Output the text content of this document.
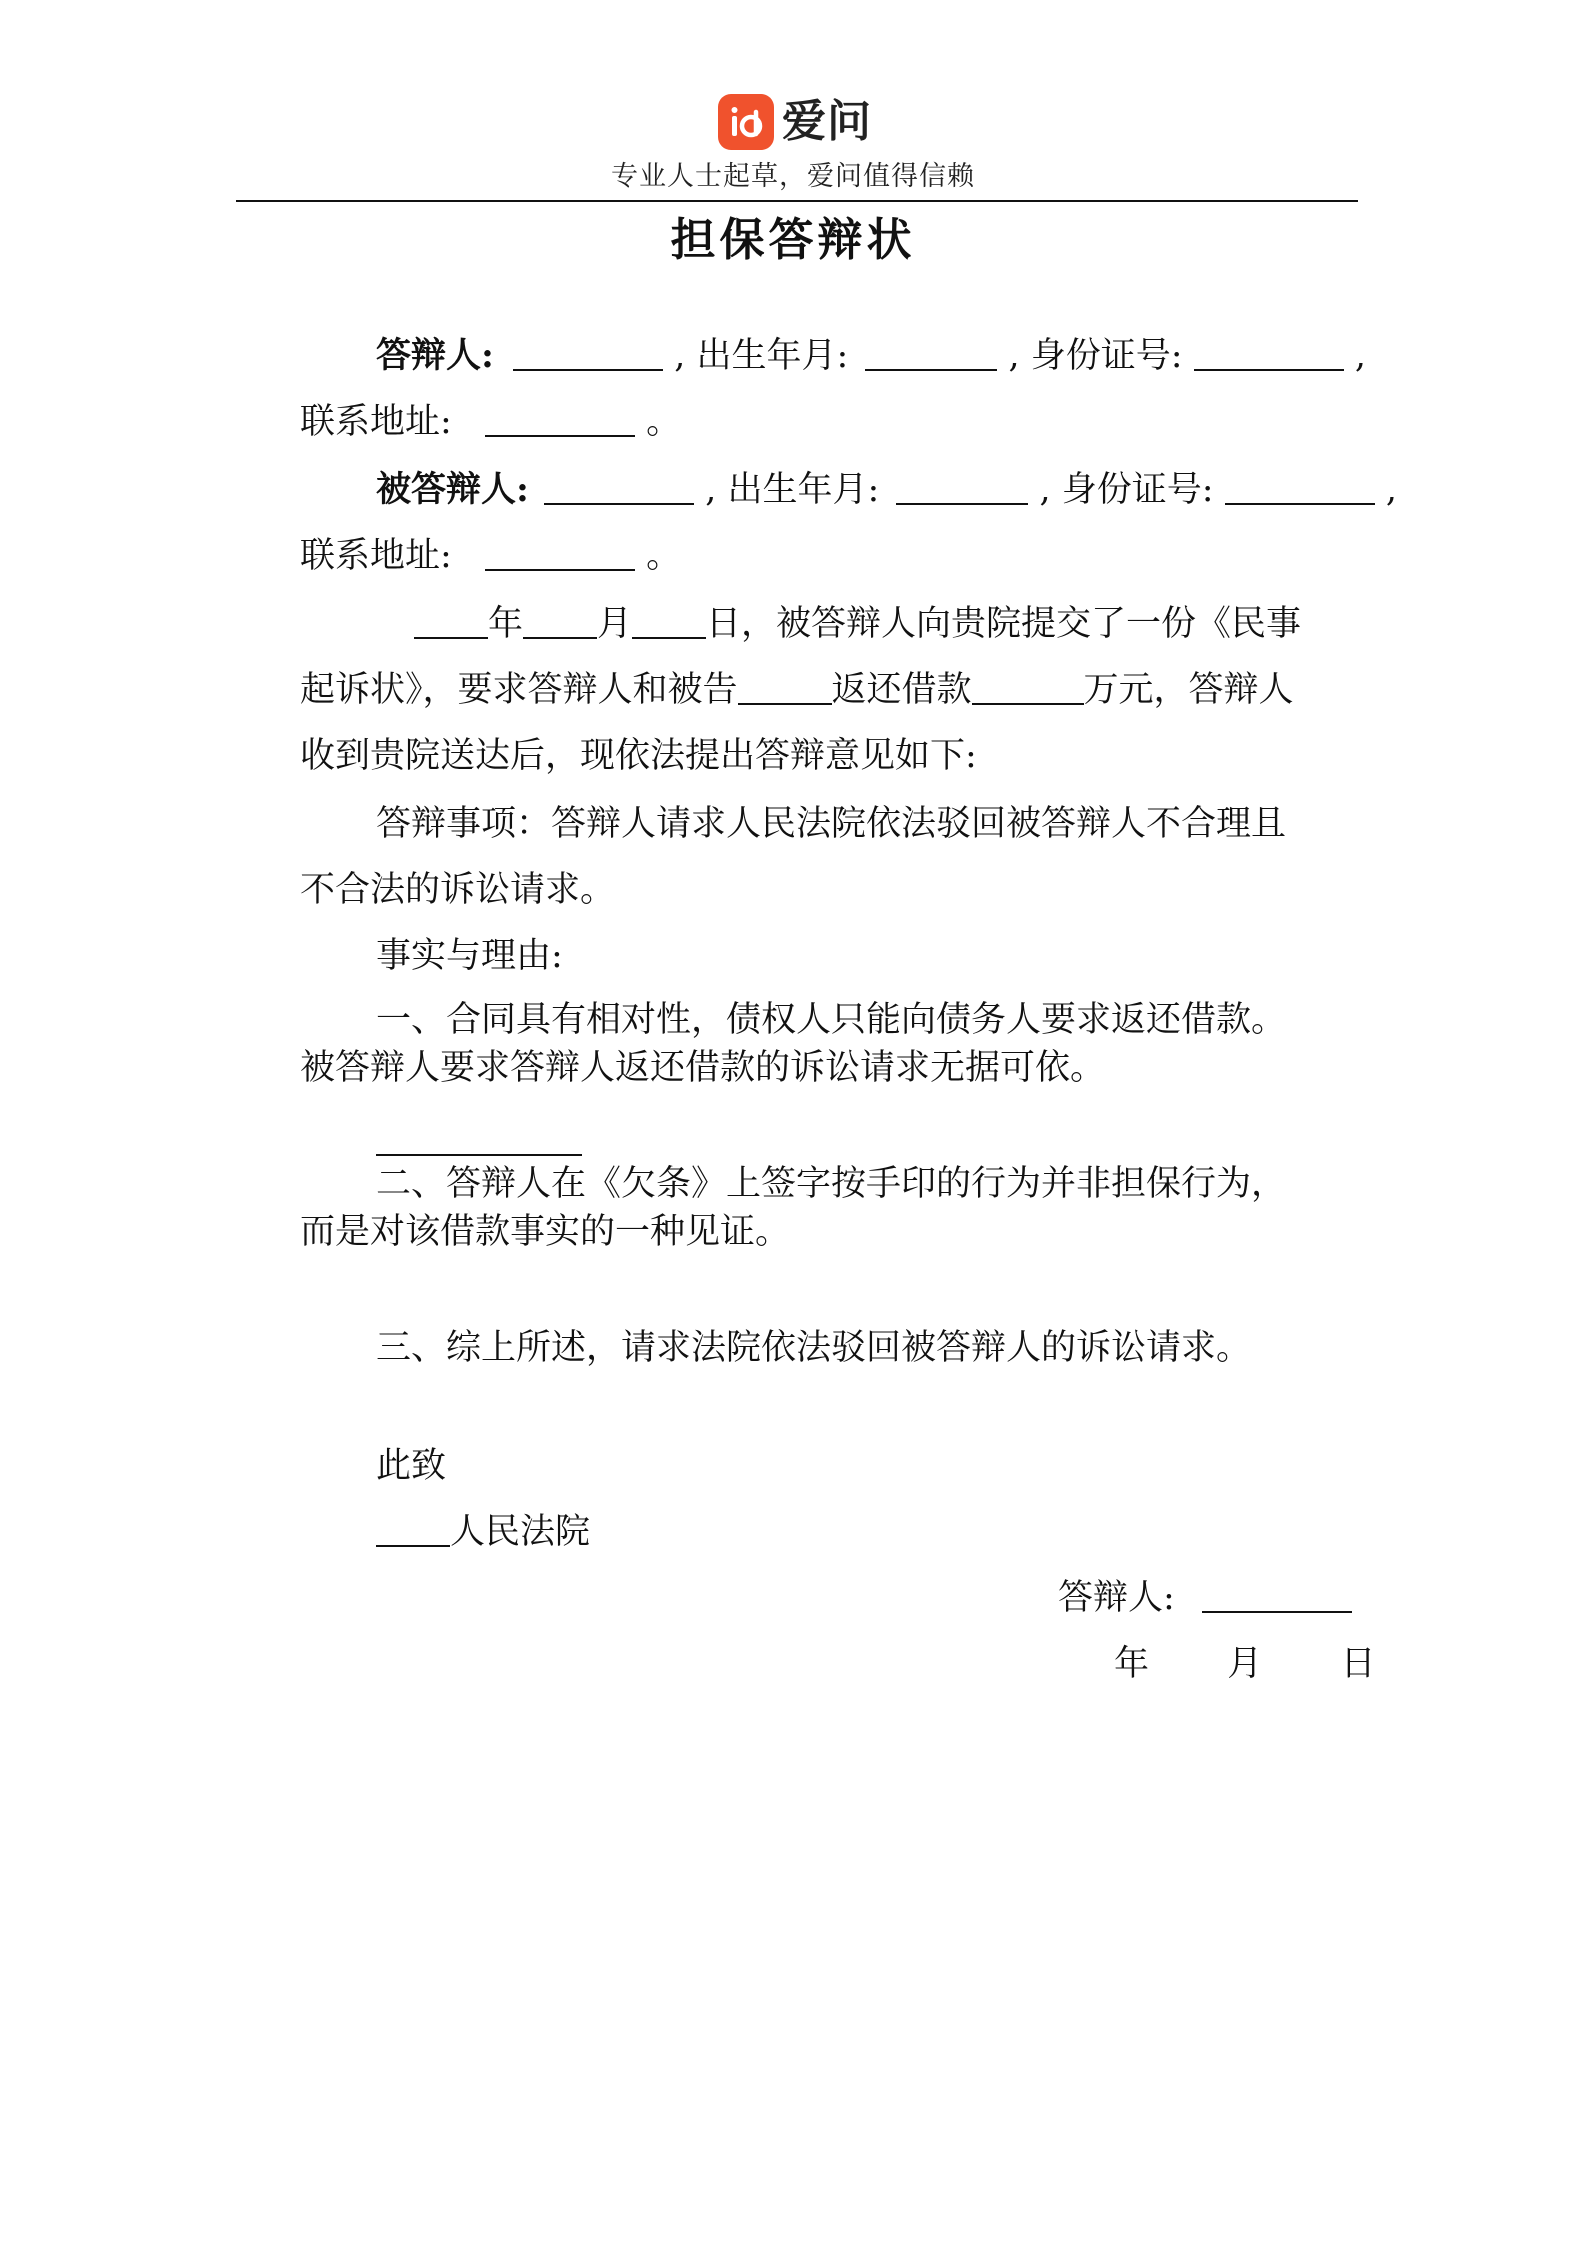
爱问
专业人士起草，爱问值得信赖
担保答辩状
答辩人:	, 出生年月:	, 身份证号:	,
联系地址:	。
被答辩人:	, 出生年月:	, 身份证号:	,
联系地址:	。
年 月 日，被答辩人向贵院提交了一份《民事
起诉状》，要求答辩人和被告	返还借款	万元，答辩人
收到贵院送达后，现依法提出答辩意见如下:
答辩事项：答辩人请求人民法院依法驳回被答辩人不合理且
不合法的诉讼请求。
事实与理由:
一、合同具有相对性，债权人只能向债务人要求返还借款。
被答辩人要求答辩人返还借款的诉讼请求无据可依。
二、答辩人在《欠条》上签字按手印的行为并非担保行为，
而是对该借款事实的一种见证。
三、综上所述，请求法院依法驳回被答辩人的诉讼请求。
此致
人民法院
答辩人:
年 月 日
